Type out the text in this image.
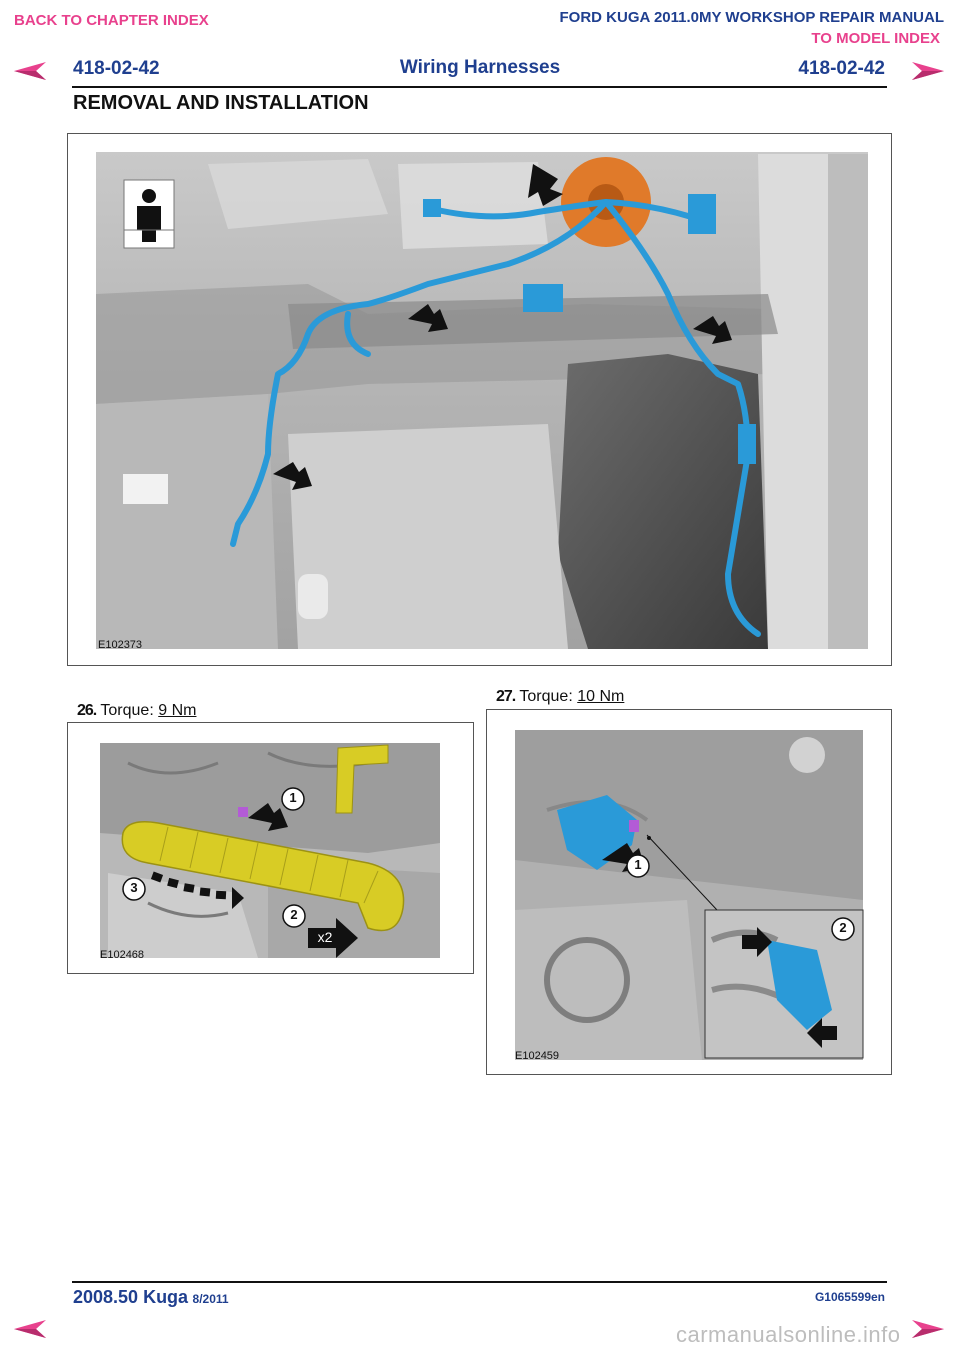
BACK TO CHAPTER INDEX	FORD KUGA 2011.0MY WORKSHOP REPAIR MANUAL
TO MODEL INDEX
418-02-42	Wiring Harnesses	418-02-42
REMOVAL AND INSTALLATION
x2
E102373
27. Torque: 10 Nm
26. Torque: 9 Nm
1
2
3
x2
E102468
1
2
E102459
2008.50 Kuga 8/2011	G1065599en
carmanualsonline.info
